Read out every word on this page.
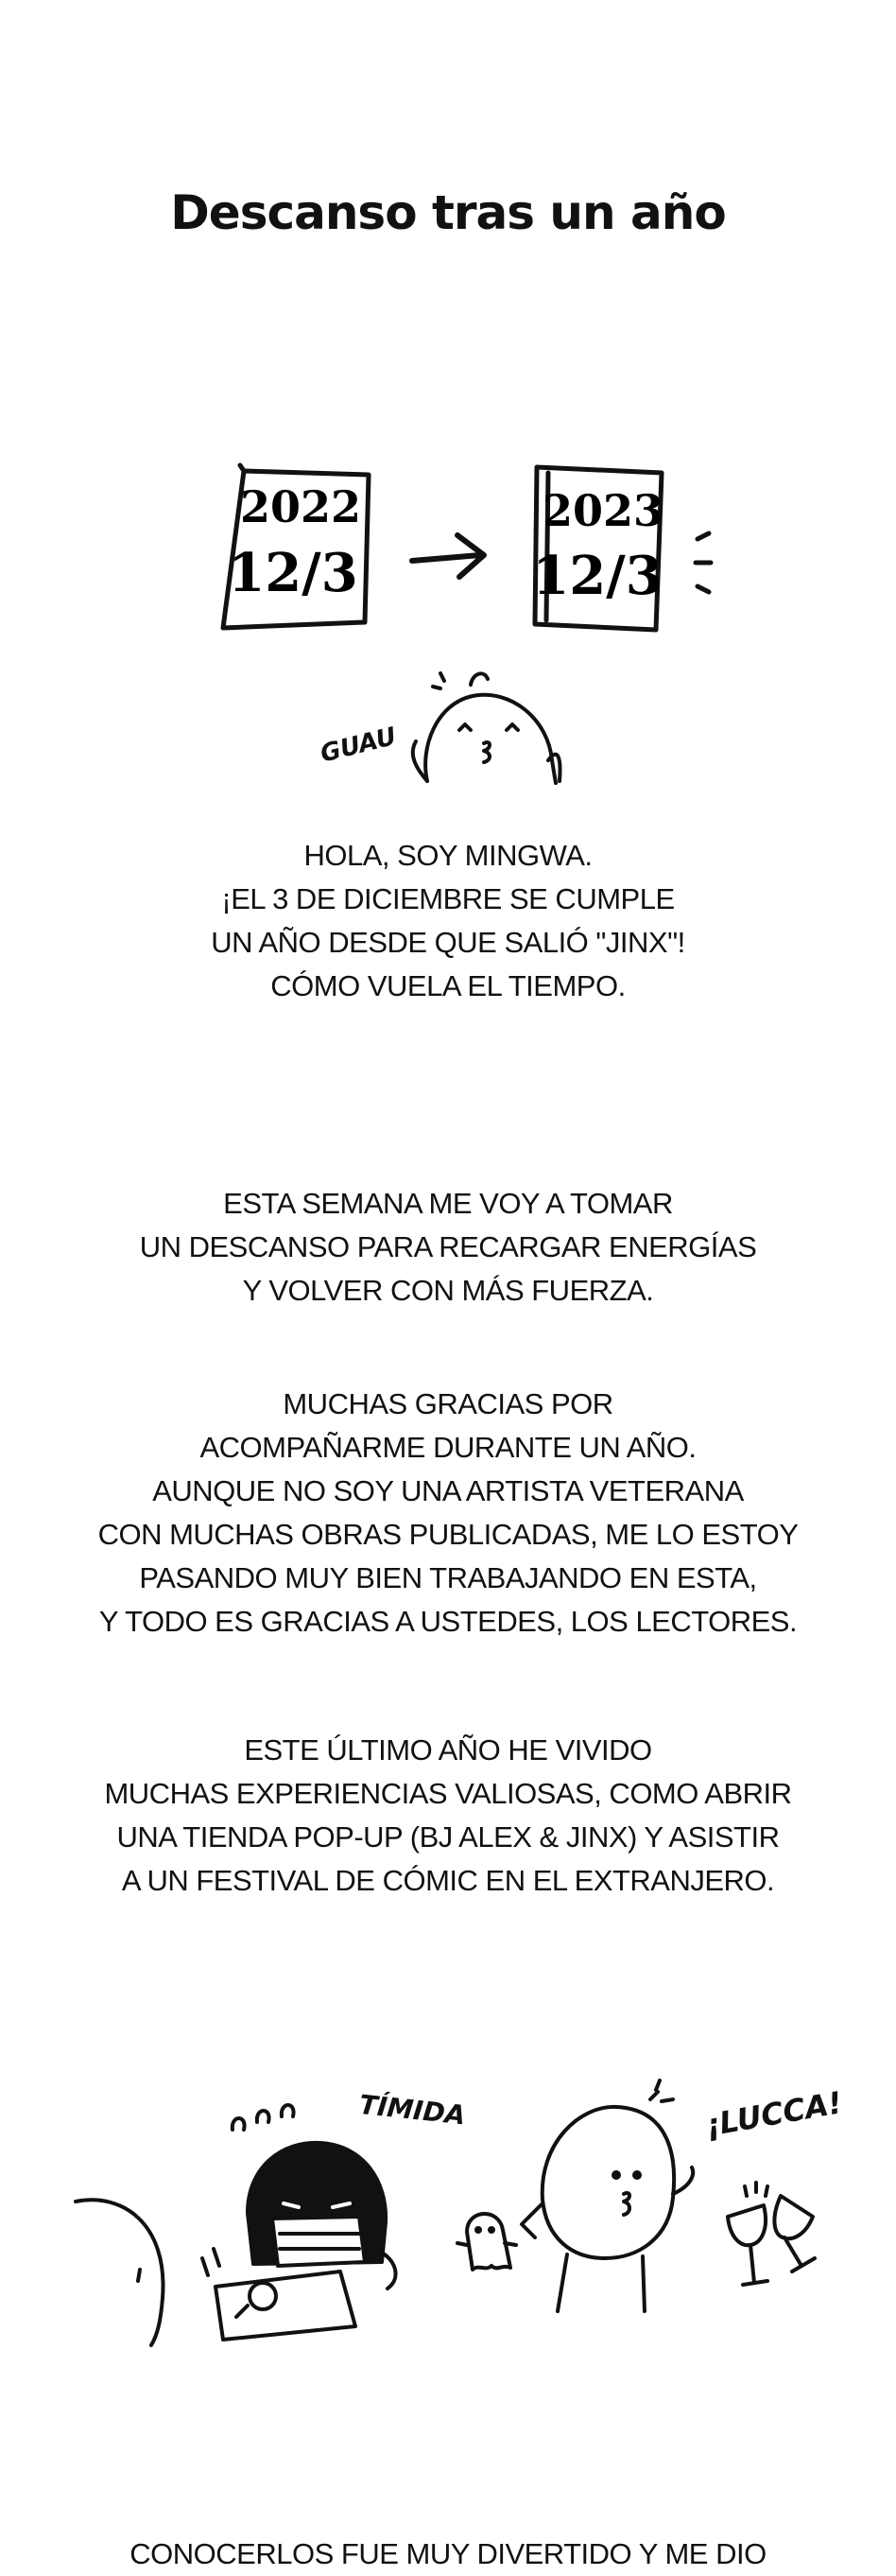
Descanso tras un año
2022
12/3
2023
12/3
GUAU
TÍMIDA	¡LUCCA!
HOLA, SOY MINGWA.
¡EL 3 DE DICIEMBRE SE CUMPLE
UN AÑO DESDE QUE SALIÓ "JINX"!
CÓMO VUELA EL TIEMPO.
ESTA SEMANA ME VOY A TOMAR
UN DESCANSO PARA RECARGAR ENERGÍAS
Y VOLVER CON MÁS FUERZA.
MUCHAS GRACIAS POR
ACOMPAÑARME DURANTE UN AÑO.
AUNQUE NO SOY UNA ARTISTA VETERANA
CON MUCHAS OBRAS PUBLICADAS, ME LO ESTOY
PASANDO MUY BIEN TRABAJANDO EN ESTA,
Y TODO ES GRACIAS A USTEDES, LOS LECTORES.
ESTE ÚLTIMO AÑO HE VIVIDO
MUCHAS EXPERIENCIAS VALIOSAS, COMO ABRIR
UNA TIENDA POP-UP (BJ ALEX & JINX) Y ASISTIR
A UN FESTIVAL DE CÓMIC EN EL EXTRANJERO.
CONOCERLOS FUE MUY DIVERTIDO Y ME DIO
